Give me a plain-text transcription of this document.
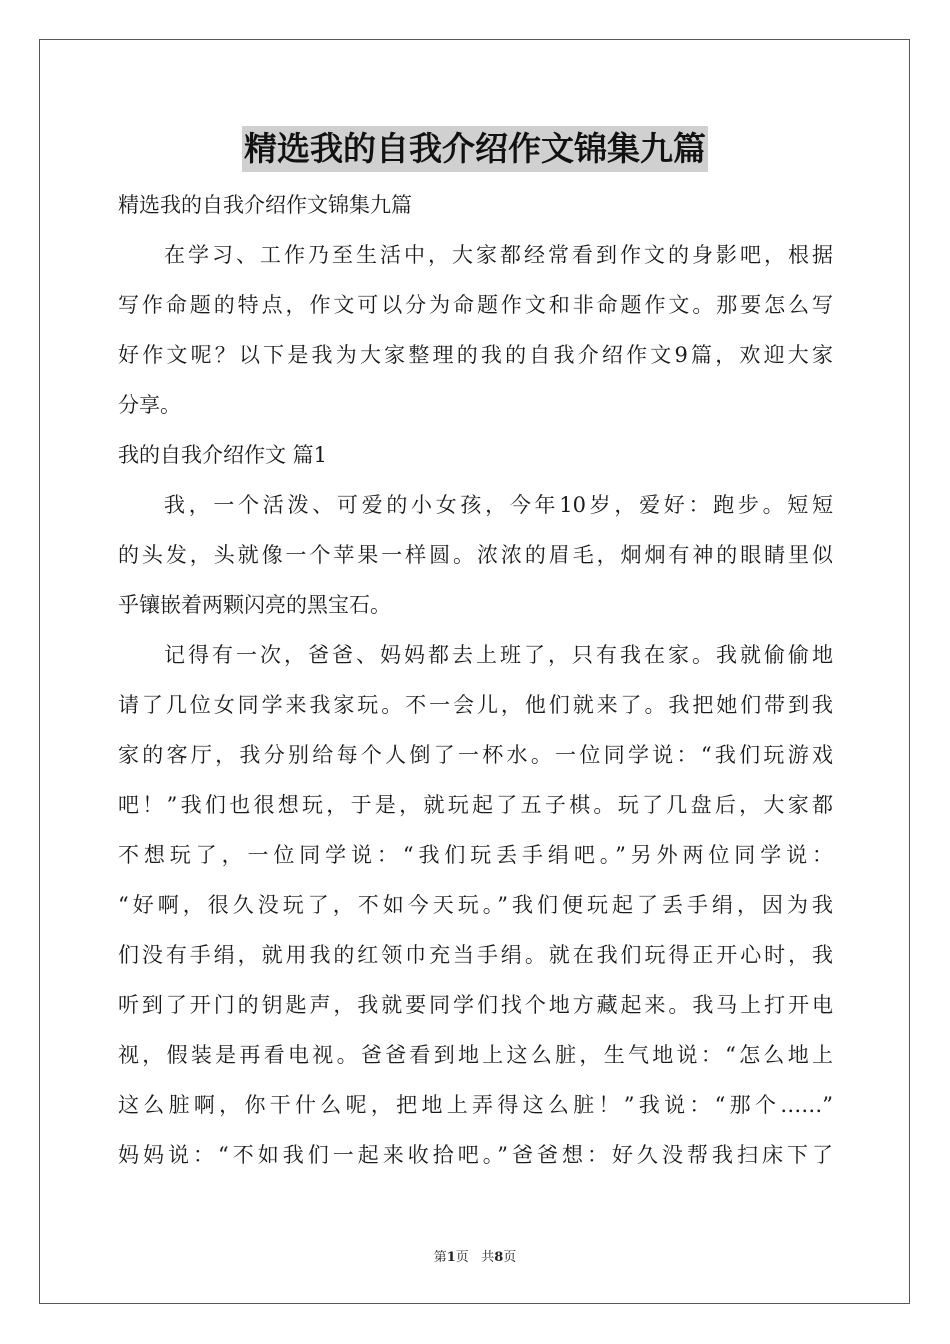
精选我的自我介绍作文锦集九篇
精选我的自我介绍作文锦集九篇
在学习、工作乃至生活中，大家都经常看到作文的身影吧，根据
写作命题的特点，作文可以分为命题作文和非命题作文。那要怎么写
好作文呢？以下是我为大家整理的我的自我介绍作文9篇，欢迎大家
分享。
我的自我介绍作文 篇1
我，一个活泼、可爱的小女孩，今年10岁，爱好：跑步。短短
的头发，头就像一个苹果一样圆。浓浓的眉毛，炯炯有神的眼睛里似
乎镶嵌着两颗闪亮的黑宝石。
记得有一次，爸爸、妈妈都去上班了，只有我在家。我就偷偷地
请了几位女同学来我家玩。不一会儿，他们就来了。我把她们带到我
家的客厅，我分别给每个人倒了一杯水。一位同学说：“我们玩游戏
吧！”我们也很想玩，于是，就玩起了五子棋。玩了几盘后，大家都
不想玩了，一位同学说：“我们玩丢手绢吧。”另外两位同学说：
“好啊，很久没玩了，不如今天玩。”我们便玩起了丢手绢，因为我
们没有手绢，就用我的红领巾充当手绢。就在我们玩得正开心时，我
听到了开门的钥匙声，我就要同学们找个地方藏起来。我马上打开电
视，假装是再看电视。爸爸看到地上这么脏，生气地说：“怎么地上
这么脏啊，你干什么呢，把地上弄得这么脏！”我说：“那个……”
妈妈说：“不如我们一起来收拾吧。”爸爸想：好久没帮我扫床下了
第1页 共8页
